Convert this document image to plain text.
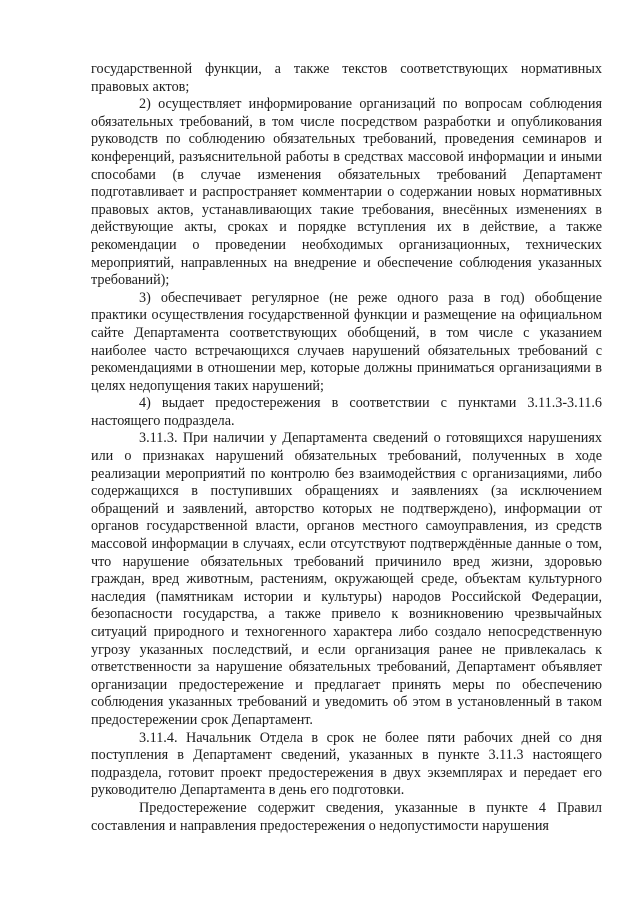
государственной функции, а также текстов соответствующих нормативных правовых актов;

2) осуществляет информирование организаций по вопросам соблюдения обязательных требований, в том числе посредством разработки и опубликования руководств по соблюдению обязательных требований, проведения семинаров и конференций, разъяснительной работы в средствах массовой информации и иными способами (в случае изменения обязательных требований Департамент подготавливает и распространяет комментарии о содержании новых нормативных правовых актов, устанавливающих такие требования, внесённых изменениях в действующие акты, сроках и порядке вступления их в действие, а также рекомендации о проведении необходимых организационных, технических мероприятий, направленных на внедрение и обеспечение соблюдения указанных требований);

3) обеспечивает регулярное (не реже одного раза в год) обобщение практики осуществления государственной функции и размещение на официальном сайте Департамента соответствующих обобщений, в том числе с указанием наиболее часто встречающихся случаев нарушений обязательных требований с рекомендациями в отношении мер, которые должны приниматься организациями в целях недопущения таких нарушений;

4) выдает предостережения в соответствии с пунктами 3.11.3-3.11.6 настоящего подраздела.

3.11.3. При наличии у Департамента сведений о готовящихся нарушениях или о признаках нарушений обязательных требований, полученных в ходе реализации мероприятий по контролю без взаимодействия с организациями, либо содержащихся в поступивших обращениях и заявлениях (за исключением обращений и заявлений, авторство которых не подтверждено), информации от органов государственной власти, органов местного самоуправления, из средств массовой информации в случаях, если отсутствуют подтверждённые данные о том, что нарушение обязательных требований причинило вред жизни, здоровью граждан, вред животным, растениям, окружающей среде, объектам культурного наследия (памятникам истории и культуры) народов Российской Федерации, безопасности государства, а также привело к возникновению чрезвычайных ситуаций природного и техногенного характера либо создало непосредственную угрозу указанных последствий, и если организация ранее не привлекалась к ответственности за нарушение обязательных требований, Департамент объявляет организации предостережение и предлагает принять меры по обеспечению соблюдения указанных требований и уведомить об этом в установленный в таком предостережении срок Департамент.

3.11.4. Начальник Отдела в срок не более пяти рабочих дней со дня поступления в Департамент сведений, указанных в пункте 3.11.3 настоящего подраздела, готовит проект предостережения в двух экземплярах и передает его руководителю Департамента в день его подготовки.

Предостережение содержит сведения, указанные в пункте 4 Правил составления и направления предостережения о недопустимости нарушения
